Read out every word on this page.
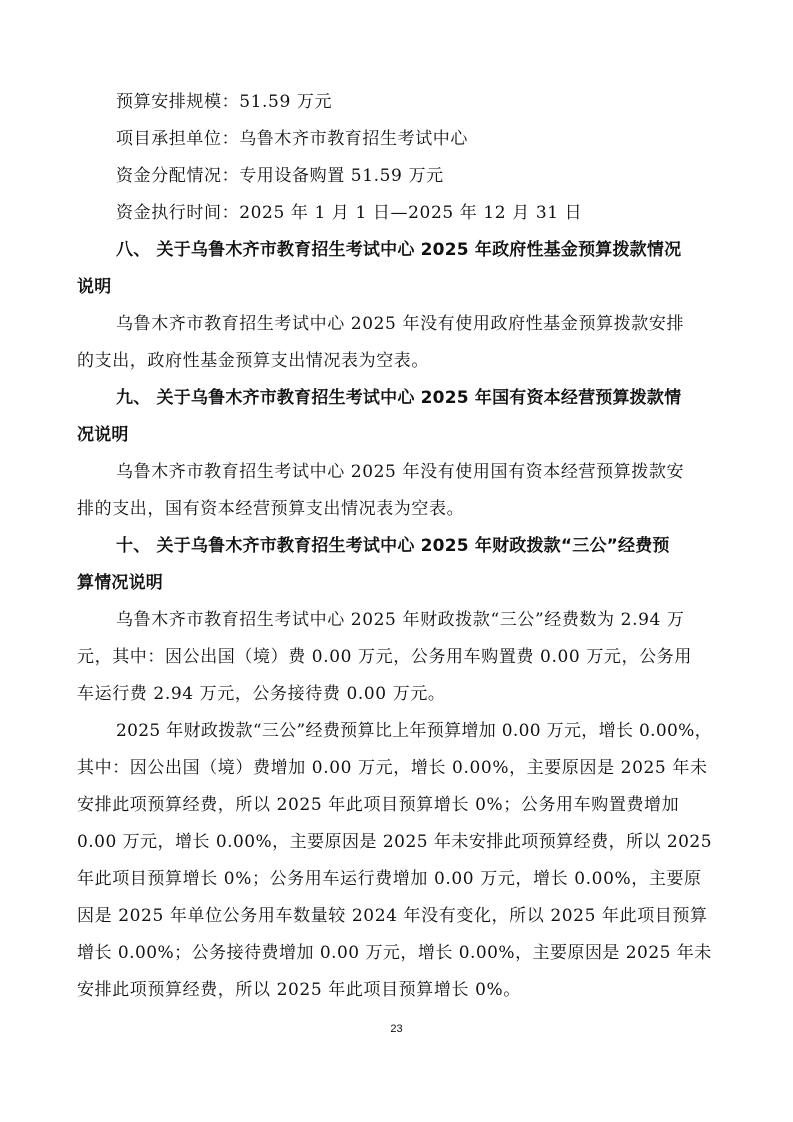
预算安排规模：51.59 万元
项目承担单位：乌鲁木齐市教育招生考试中心
资金分配情况：专用设备购置 51.59 万元
资金执行时间：2025 年 1 月 1 日—2025 年 12 月 31 日
八、 关于乌鲁木齐市教育招生考试中心 2025 年政府性基金预算拨款情况
说明
乌鲁木齐市教育招生考试中心 2025 年没有使用政府性基金预算拨款安排
的支出，政府性基金预算支出情况表为空表。
九、 关于乌鲁木齐市教育招生考试中心 2025 年国有资本经营预算拨款情
况说明
乌鲁木齐市教育招生考试中心 2025 年没有使用国有资本经营预算拨款安
排的支出，国有资本经营预算支出情况表为空表。
十、 关于乌鲁木齐市教育招生考试中心 2025 年财政拨款“三公”经费预
算情况说明
乌鲁木齐市教育招生考试中心 2025 年财政拨款“三公”经费数为 2.94 万
元，其中：因公出国（境）费 0.00 万元，公务用车购置费 0.00 万元，公务用
车运行费 2.94 万元，公务接待费 0.00 万元。
2025 年财政拨款“三公”经费预算比上年预算增加 0.00 万元，增长 0.00%，
其中：因公出国（境）费增加 0.00 万元，增长 0.00%，主要原因是 2025 年未
安排此项预算经费，所以 2025 年此项目预算增长 0%；公务用车购置费增加
0.00 万元，增长 0.00%，主要原因是 2025 年未安排此项预算经费，所以 2025
年此项目预算增长 0%；公务用车运行费增加 0.00 万元，增长 0.00%，主要原
因是 2025 年单位公务用车数量较 2024 年没有变化，所以 2025 年此项目预算
增长 0.00%；公务接待费增加 0.00 万元，增长 0.00%，主要原因是 2025 年未
安排此项预算经费，所以 2025 年此项目预算增长 0%。
23
